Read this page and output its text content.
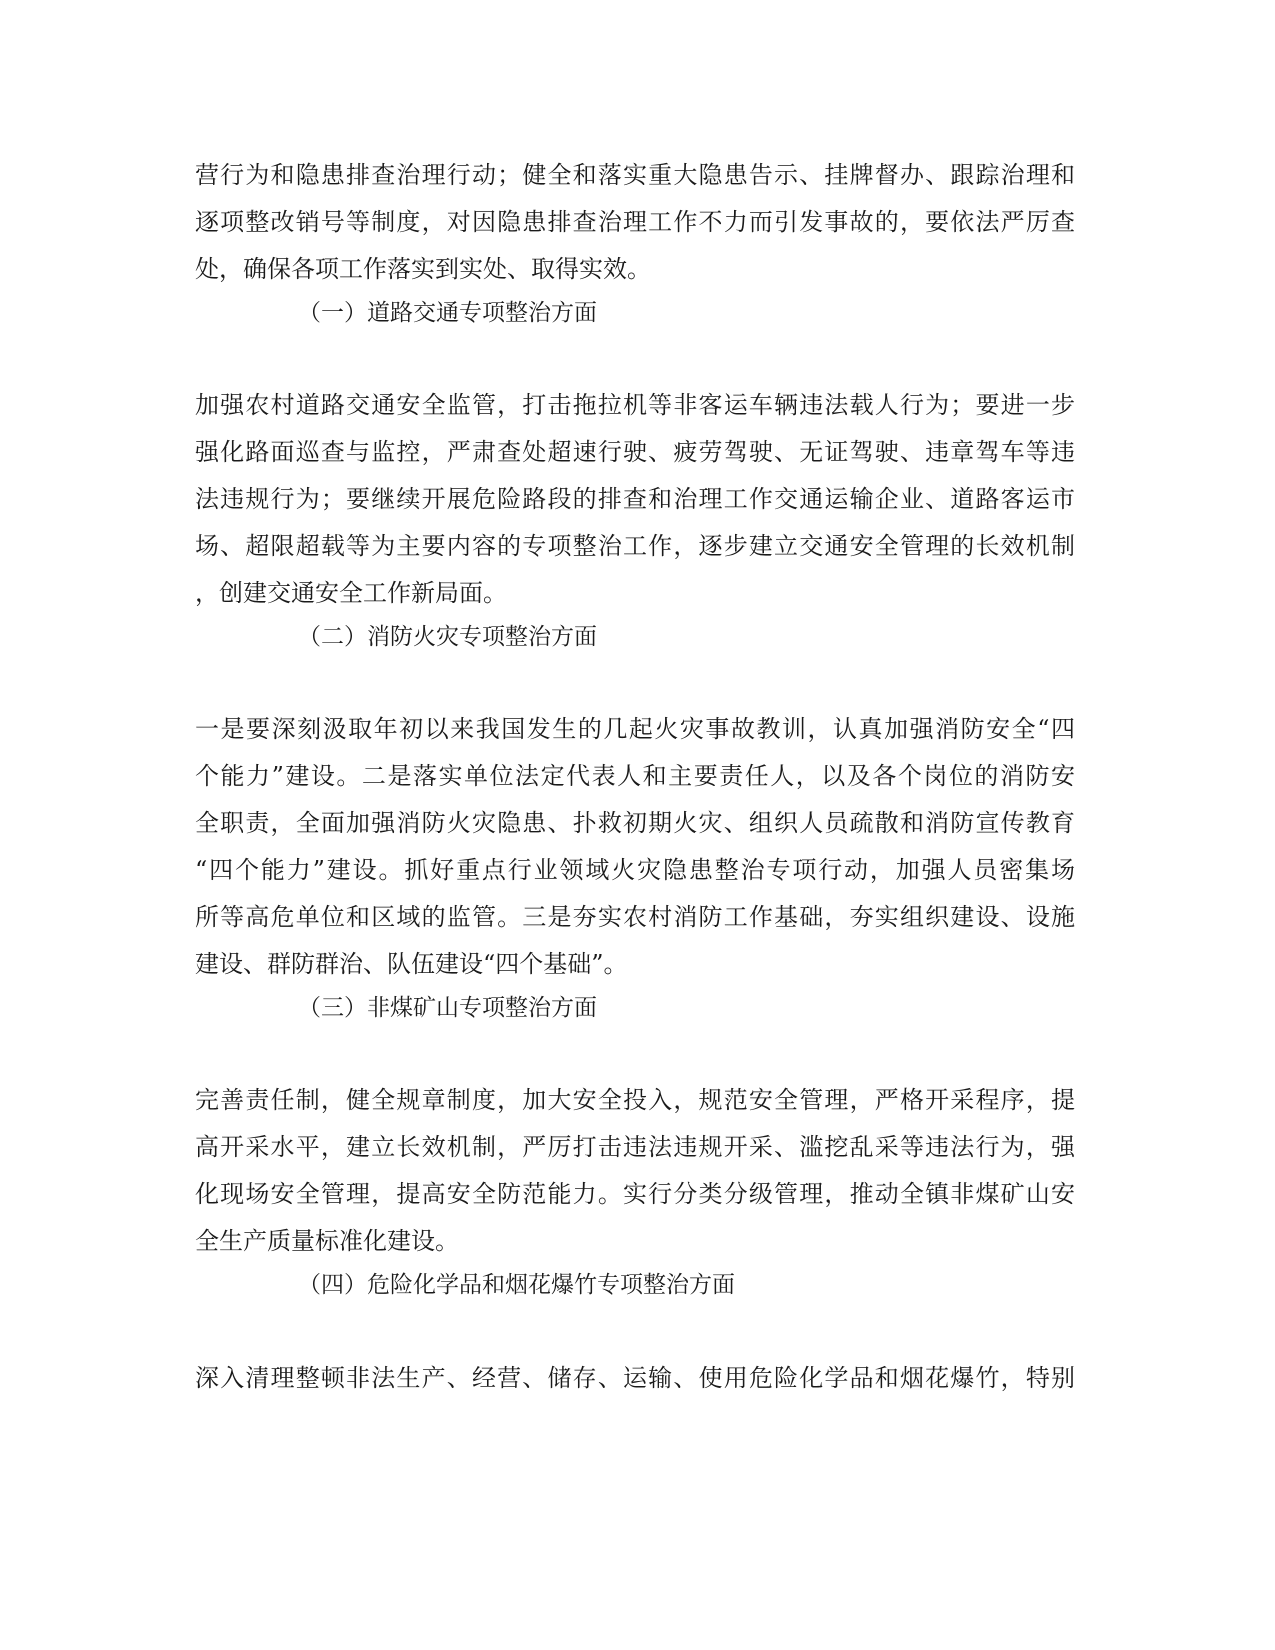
营行为和隐患排查治理行动；健全和落实重大隐患告示、挂牌督办、跟踪治理和
逐项整改销号等制度，对因隐患排查治理工作不力而引发事故的，要依法严厉查
处，确保各项工作落实到实处、取得实效。
（一）道路交通专项整治方面
加强农村道路交通安全监管，打击拖拉机等非客运车辆违法载人行为；要进一步
强化路面巡查与监控，严肃查处超速行驶、疲劳驾驶、无证驾驶、违章驾车等违
法违规行为；要继续开展危险路段的排查和治理工作交通运输企业、道路客运市
场、超限超载等为主要内容的专项整治工作，逐步建立交通安全管理的长效机制
，创建交通安全工作新局面。
（二）消防火灾专项整治方面
一是要深刻汲取年初以来我国发生的几起火灾事故教训，认真加强消防安全“四
个能力”建设。二是落实单位法定代表人和主要责任人，以及各个岗位的消防安
全职责，全面加强消防火灾隐患、扑救初期火灾、组织人员疏散和消防宣传教育
“四个能力”建设。抓好重点行业领域火灾隐患整治专项行动，加强人员密集场
所等高危单位和区域的监管。三是夯实农村消防工作基础，夯实组织建设、设施
建设、群防群治、队伍建设“四个基础”。
（三）非煤矿山专项整治方面
完善责任制，健全规章制度，加大安全投入，规范安全管理，严格开采程序，提
高开采水平，建立长效机制，严厉打击违法违规开采、滥挖乱采等违法行为，强
化现场安全管理，提高安全防范能力。实行分类分级管理，推动全镇非煤矿山安
全生产质量标准化建设。
（四）危险化学品和烟花爆竹专项整治方面
深入清理整顿非法生产、经营、储存、运输、使用危险化学品和烟花爆竹，特别
